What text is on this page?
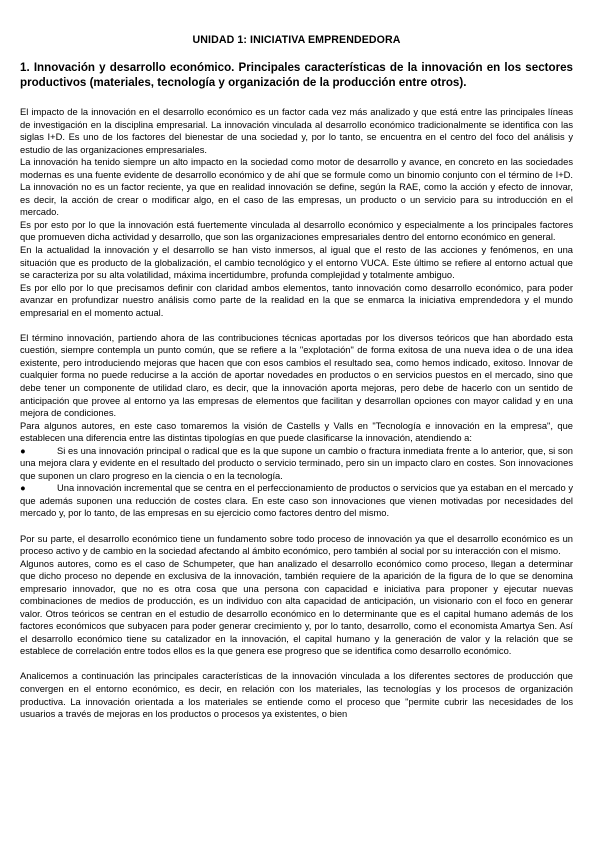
UNIDAD 1: INICIATIVA EMPRENDEDORA
1. Innovación y desarrollo económico. Principales características de la innovación en los sectores productivos (materiales, tecnología y organización de la producción entre otros).

El impacto de la innovación en el desarrollo económico es un factor cada vez más analizado y que está entre las principales líneas de investigación en la disciplina empresarial. La innovación vinculada al desarrollo económico tradicionalmente se identifica con las siglas I+D. Es uno de los factores del bienestar de una sociedad y, por lo tanto, se encuentra en el centro del foco del análisis y estudio de las organizaciones empresariales.

La innovación ha tenido siempre un alto impacto en la sociedad como motor de desarrollo y avance, en concreto en las sociedades modernas es una fuente evidente de desarrollo económico y de ahí que se formule como un binomio conjunto con el término de I+D. La innovación no es un factor reciente, ya que en realidad innovación se define, según la RAE, como la acción y efecto de innovar, es decir, la acción de crear o modificar algo, en el caso de las empresas, un producto o un servicio para su introducción en el mercado.

Es por esto por lo que la innovación está fuertemente vinculada al desarrollo económico y especialmente a los principales factores que promueven dicha actividad y desarrollo, que son las organizaciones empresariales dentro del entorno económico en general.

En la actualidad la innovación y el desarrollo se han visto inmersos, al igual que el resto de las acciones y fenómenos, en una situación que es producto de la globalización, el cambio tecnológico y el entorno VUCA. Este último se refiere al entorno actual que se caracteriza por su alta volatilidad, máxima incertidumbre, profunda complejidad y totalmente ambiguo.

Es por ello por lo que precisamos definir con claridad ambos elementos, tanto innovación como desarrollo económico, para poder avanzar en profundizar nuestro análisis como parte de la realidad en la que se enmarca la iniciativa emprendedora y el mundo empresarial en el momento actual.

El término innovación, partiendo ahora de las contribuciones técnicas aportadas por los diversos teóricos que han abordado esta cuestión, siempre contempla un punto común, que se refiere a la "explotación" de forma exitosa de una nueva idea o de una idea existente, pero introduciendo mejoras que hacen que con esos cambios el resultado sea, como hemos indicado, exitoso. Innovar de cualquier forma no puede reducirse a la acción de aportar novedades en productos o en servicios puestos en el mercado, sino que debe tener un componente de utilidad claro, es decir, que la innovación aporta mejoras, pero debe de hacerlo con un sentido de anticipación que provee al entorno ya las empresas de elementos que facilitan y desarrollan opciones con mayor calidad y en una mejora de condiciones.

Para algunos autores, en este caso tomaremos la visión de Castells y Valls en "Tecnología e innovación en la empresa", que establecen una diferencia entre las distintas tipologías en que puede clasificarse la innovación, atendiendo a:

●	Si es una innovación principal o radical que es la que supone un cambio o fractura inmediata frente a lo anterior, que, si son una mejora clara y evidente en el resultado del producto o servicio terminado, pero sin un impacto claro en costes. Son innovaciones que suponen un claro progreso en la ciencia o en la tecnología.

●	Una innovación incremental que se centra en el perfeccionamiento de productos o servicios que ya estaban en el mercado y que además suponen una reducción de costes clara. En este caso son innovaciones que vienen motivadas por necesidades del mercado y, por lo tanto, de las empresas en su ejercicio como factores dentro del mismo.

Por su parte, el desarrollo económico tiene un fundamento sobre todo proceso de innovación ya que el desarrollo económico es un proceso activo y de cambio en la sociedad afectando al ámbito económico, pero también al social por su interacción con el mismo.

Algunos autores, como es el caso de Schumpeter, que han analizado el desarrollo económico como proceso, llegan a determinar que dicho proceso no depende en exclusiva de la innovación, también requiere de la aparición de la figura de lo que se denomina empresario innovador, que no es otra cosa que una persona con capacidad e iniciativa para proponer y ejecutar nuevas combinaciones de medios de producción, es un individuo con alta capacidad de anticipación, un visionario con el foco en generar valor. Otros teóricos se centran en el estudio de desarrollo económico en lo determinante que es el capital humano además de los factores económicos que subyacen para poder generar crecimiento y, por lo tanto, desarrollo, como el economista Amartya Sen. Así el desarrollo económico tiene su catalizador en la innovación, el capital humano y la generación de valor y la relación que se establece de correlación entre todos ellos es la que genera ese progreso que se identifica como desarrollo económico.

Analicemos a continuación las principales características de la innovación vinculada a los diferentes sectores de producción que convergen en el entorno económico, es decir, en relación con los materiales, las tecnologías y los procesos de organización productiva. La innovación orientada a los materiales se entiende como el proceso que "permite cubrir las necesidades de los usuarios a través de mejoras en los productos o procesos ya existentes, o bien
